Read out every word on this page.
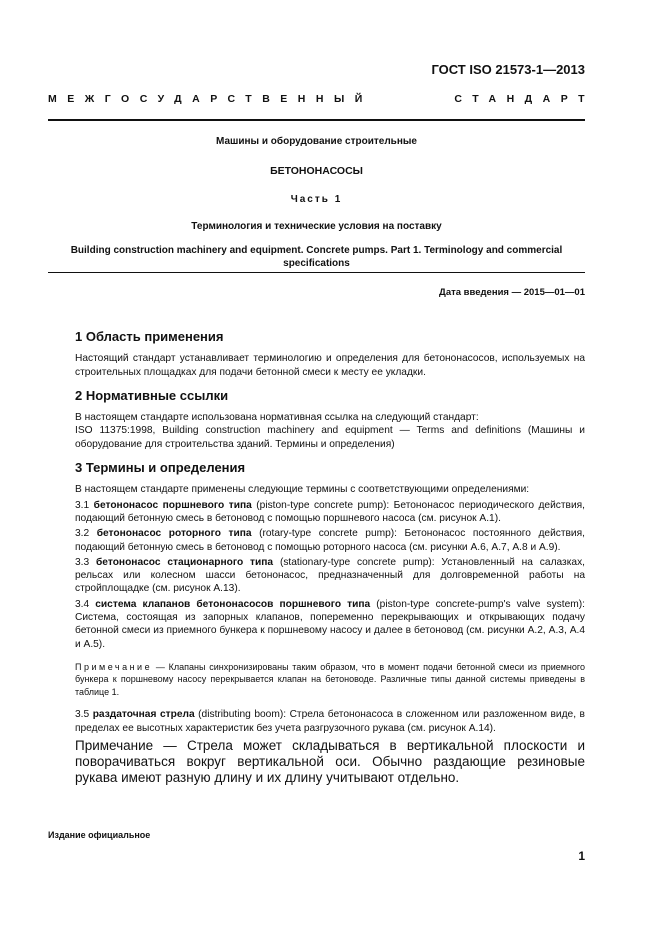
ГОСТ ISO 21573-1—2013
МЕЖГОСУДАРСТВЕННЫЙ	СТАНДАРТ
Машины и оборудование строительные
БЕТОНОНАСОСЫ
Часть 1
Терминология и технические условия на поставку
Building construction machinery and equipment. Concrete pumps. Part 1. Terminology and commercial specifications
Дата введения — 2015—01—01
1 Область применения

Настоящий стандарт устанавливает терминологию и определения для бетононасосов, используемых на строительных площадках для подачи бетонной смеси к месту ее укладки.

2 Нормативные ссылки

В настоящем стандарте использована нормативная ссылка на следующий стандарт:

ISO 11375:1998, Building construction machinery and equipment — Terms and definitions (Машины и оборудование для строительства зданий. Термины и определения)

3 Термины и определения

В настоящем стандарте применены следующие термины с соответствующими определениями:

3.1 бетононасос поршневого типа (piston-type concrete pump): Бетононасос периодического действия, подающий бетонную смесь в бетоновод с помощью поршневого насоса (см. рисунок А.1).

3.2 бетононасос роторного типа (rotary-type concrete pump): Бетононасос постоянного действия, подающий бетонную смесь в бетоновод с помощью роторного насоса (см. рисунки А.6, А.7, А.8 и А.9).

3.3 бетононасос стационарного типа (stationary-type concrete pump): Установленный на салазках, рельсах или колесном шасси бетононасос, предназначенный для долговременной работы на стройплощадке (см. рисунок А.13).

3.4 система клапанов бетононасосов поршневого типа (piston-type concrete-pump's valve system): Система, состоящая из запорных клапанов, попеременно перекрывающих и открывающих подачу бетонной смеси из приемного бункера к поршневому насосу и далее в бетоновод (см. рисунки А.2, А.3, А.4 и А.5).

Примечание — Клапаны синхронизированы таким образом, что в момент подачи бетонной смеси из приемного бункера к поршневому насосу перекрывается клапан на бетоноводе. Различные типы данной системы приведены в таблице 1.

3.5 раздаточная стрела (distributing boom): Стрела бетононасоса в сложенном или разложенном виде, в пределах ее высотных характеристик без учета разгрузочного рукава (см. рисунок А.14).

Примечание — Стрела может складываться в вертикальной плоскости и поворачиваться вокруг вертикальной оси. Обычно раздающие резиновые рукава имеют разную длину и их длину учитывают отдельно.

Издание официальное
1
